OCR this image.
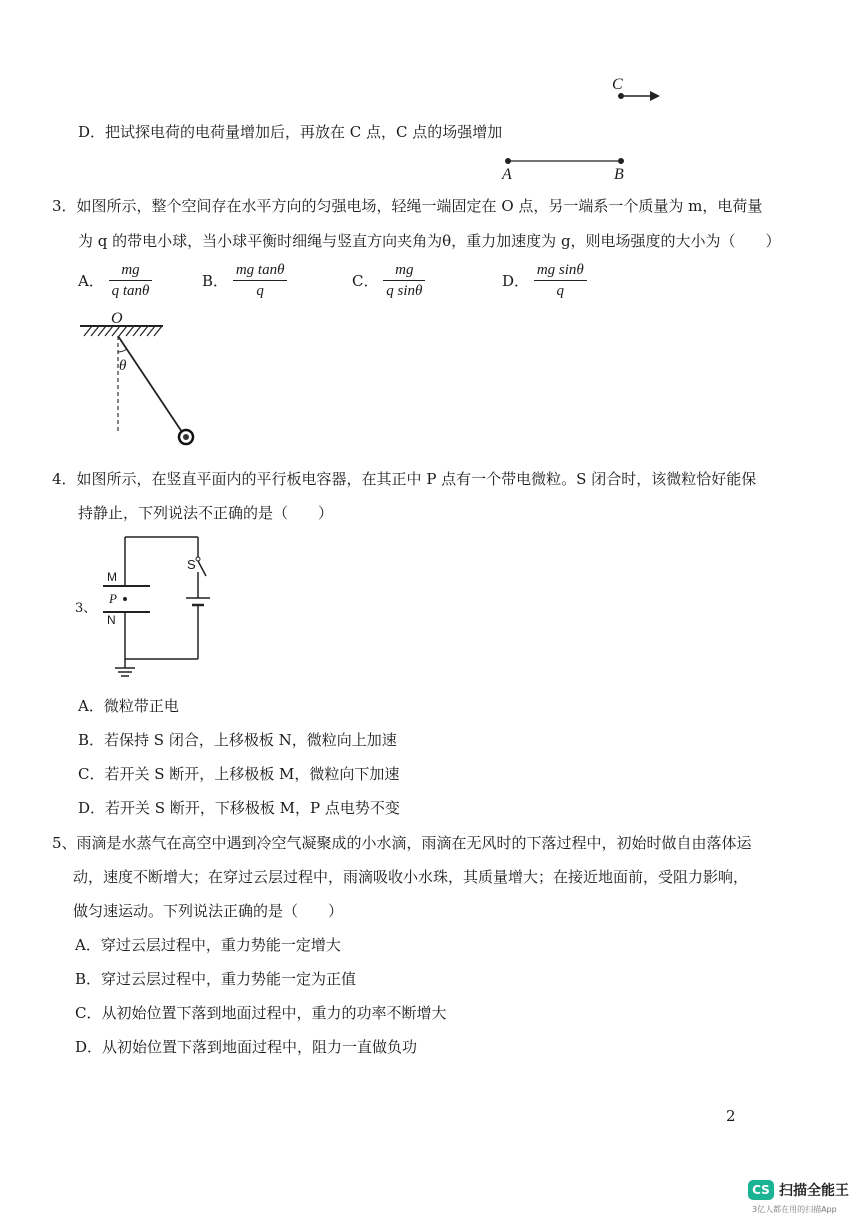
C
A	B
D．把试探电荷的电荷量增加后，再放在 C 点，C 点的场强增加
3．如图所示，整个空间存在水平方向的匀强电场，轻绳一端固定在 O 点，另一端系一个质量为 m，电荷量
为 q 的带电小球，当小球平衡时细绳与竖直方向夹角为θ，重力加速度为 g，则电场强度的大小为（　　）
A． $\frac{mg}{\text{q tanθ}}$	B． $\frac{\text{mg tanθ}}{q}$	C． $\frac{mg}{\text{q sinθ}}$	D． $\frac{\text{mg sinθ}}{q}$
O
θ
4．如图所示，在竖直平面内的平行板电容器，在其正中 P 点有一个带电微粒。S 闭合时，该微粒恰好能保
持静止，下列说法不正确的是（　　）
S
M
P
N
3、
A．微粒带正电
B．若保持 S 闭合，上移极板 N，微粒向上加速
C．若开关 S 断开，上移极板 M，微粒向下加速
D．若开关 S 断开，下移极板 M，P 点电势不变
5、雨滴是水蒸气在高空中遇到冷空气凝聚成的小水滴，雨滴在无风时的下落过程中，初始时做自由落体运
动，速度不断增大；在穿过云层过程中，雨滴吸收小水珠，其质量增大；在接近地面前，受阻力影响，
做匀速运动。下列说法正确的是（　　）
A．穿过云层过程中，重力势能一定增大
B．穿过云层过程中，重力势能一定为正值
C．从初始位置下落到地面过程中，重力的功率不断增大
D．从初始位置下落到地面过程中，阻力一直做负功
2
CS 扫描全能王
3亿人都在用的扫描App
